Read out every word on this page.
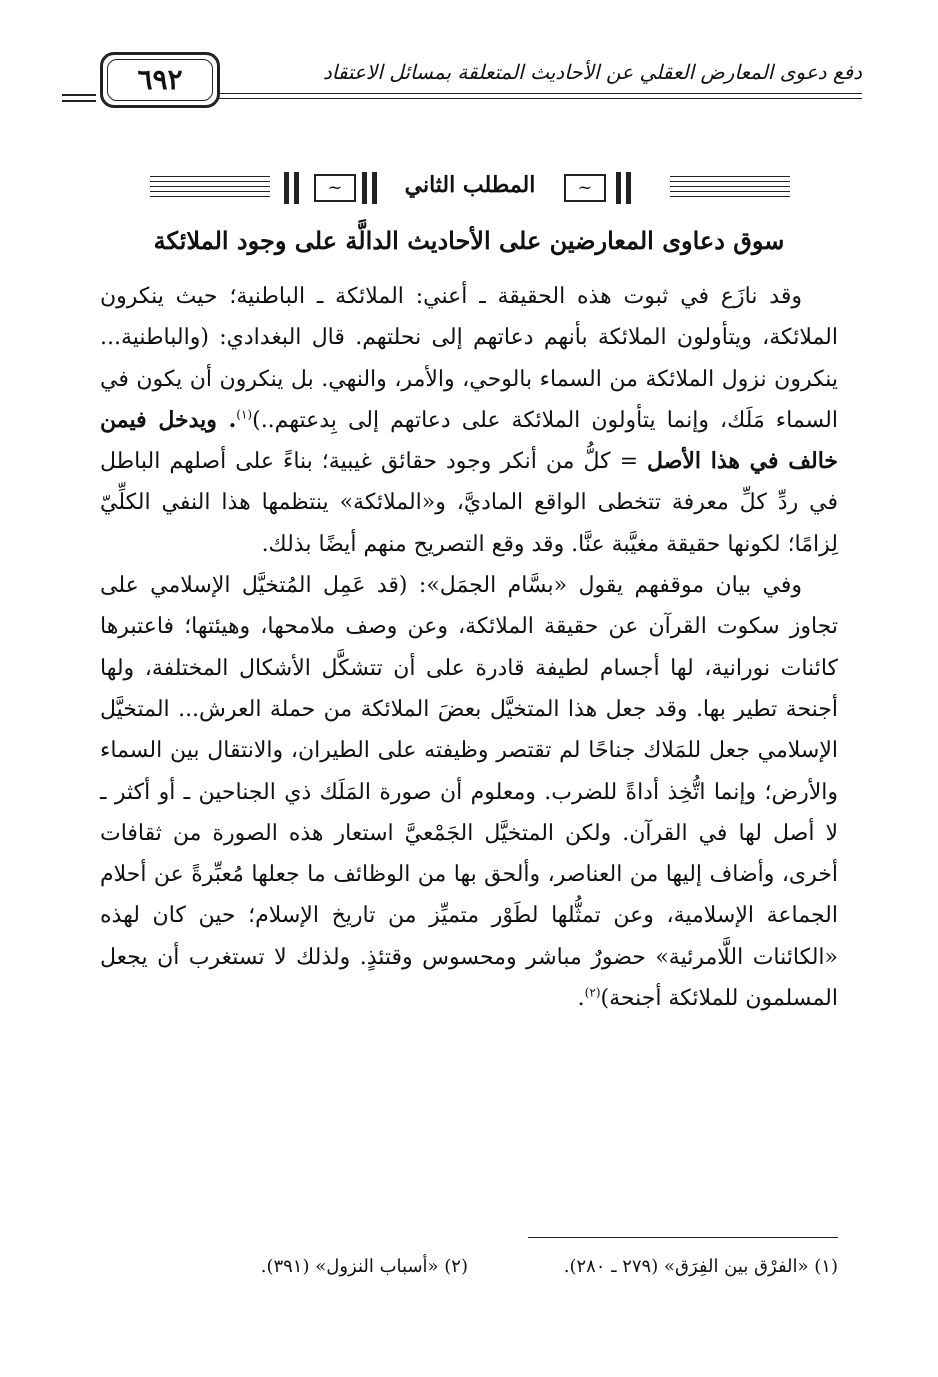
دفع دعوى المعارض العقلي عن الأحاديث المتعلقة بمسائل الاعتقاد
٦٩٢
~	المطلب الثاني	~
سوق دعاوى المعارضين على الأحاديث الدالَّة على وجود الملائكة

وقد نازَع في ثبوت هذه الحقيقة ـ أعني: الملائكة ـ الباطنية؛ حيث ينكرون الملائكة، ويتأولون الملائكة بأنهم دعاتهم إلى نحلتهم. قال البغدادي: (والباطنية... ينكرون نزول الملائكة من السماء بالوحي، والأمر، والنهي. بل ينكرون أن يكون في السماء مَلَك، وإنما يتأولون الملائكة على دعاتهم إلى بِدعتهم..)$^{(١)}$. ويدخل فيمن خالف في هذا الأصل = كلُّ من أنكر وجود حقائق غيبية؛ بناءً على أصلهم الباطل في ردِّ كلِّ معرفة تتخطى الواقع الماديَّ، و«الملائكة» ينتظمها هذا النفي الكلِّيّ لِزامًا؛ لكونها حقيقة مغيَّبة عنَّا. وقد وقع التصريح منهم أيضًا بذلك.

وفي بيان موقفهم يقول «بسَّام الجمَل»: (قد عَمِل المُتخيَّل الإسلامي على تجاوز سكوت القرآن عن حقيقة الملائكة، وعن وصف ملامحها، وهيئتها؛ فاعتبرها كائنات نورانية، لها أجسام لطيفة قادرة على أن تتشكَّل الأشكال المختلفة، ولها أجنحة تطير بها. وقد جعل هذا المتخيَّل بعضَ الملائكة من حملة العرش... المتخيَّل الإسلامي جعل للمَلاك جناحًا لم تقتصر وظيفته على الطيران، والانتقال بين السماء والأرض؛ وإنما اتُّخِذ أداةً للضرب. ومعلوم أن صورة المَلَك ذي الجناحين ـ أو أكثر ـ لا أصل لها في القرآن. ولكن المتخيَّل الجَمْعيَّ استعار هذه الصورة من ثقافات أخرى، وأضاف إليها من العناصر، وألحق بها من الوظائف ما جعلها مُعبِّرةً عن أحلام الجماعة الإسلامية، وعن تمثُّلها لطَوْر متميِّز من تاريخ الإسلام؛ حين كان لهذه «الكائنات اللَّامرئية» حضورٌ مباشر ومحسوس وقتئذٍ. ولذلك لا تستغرب أن يجعل المسلمون للملائكة أجنحة)$^{(٢)}$.

(١) «الفرْق بين الفِرَق» (٢٧٩ ـ ٢٨٠).
(٢) «أسباب النزول» (٣٩١).
